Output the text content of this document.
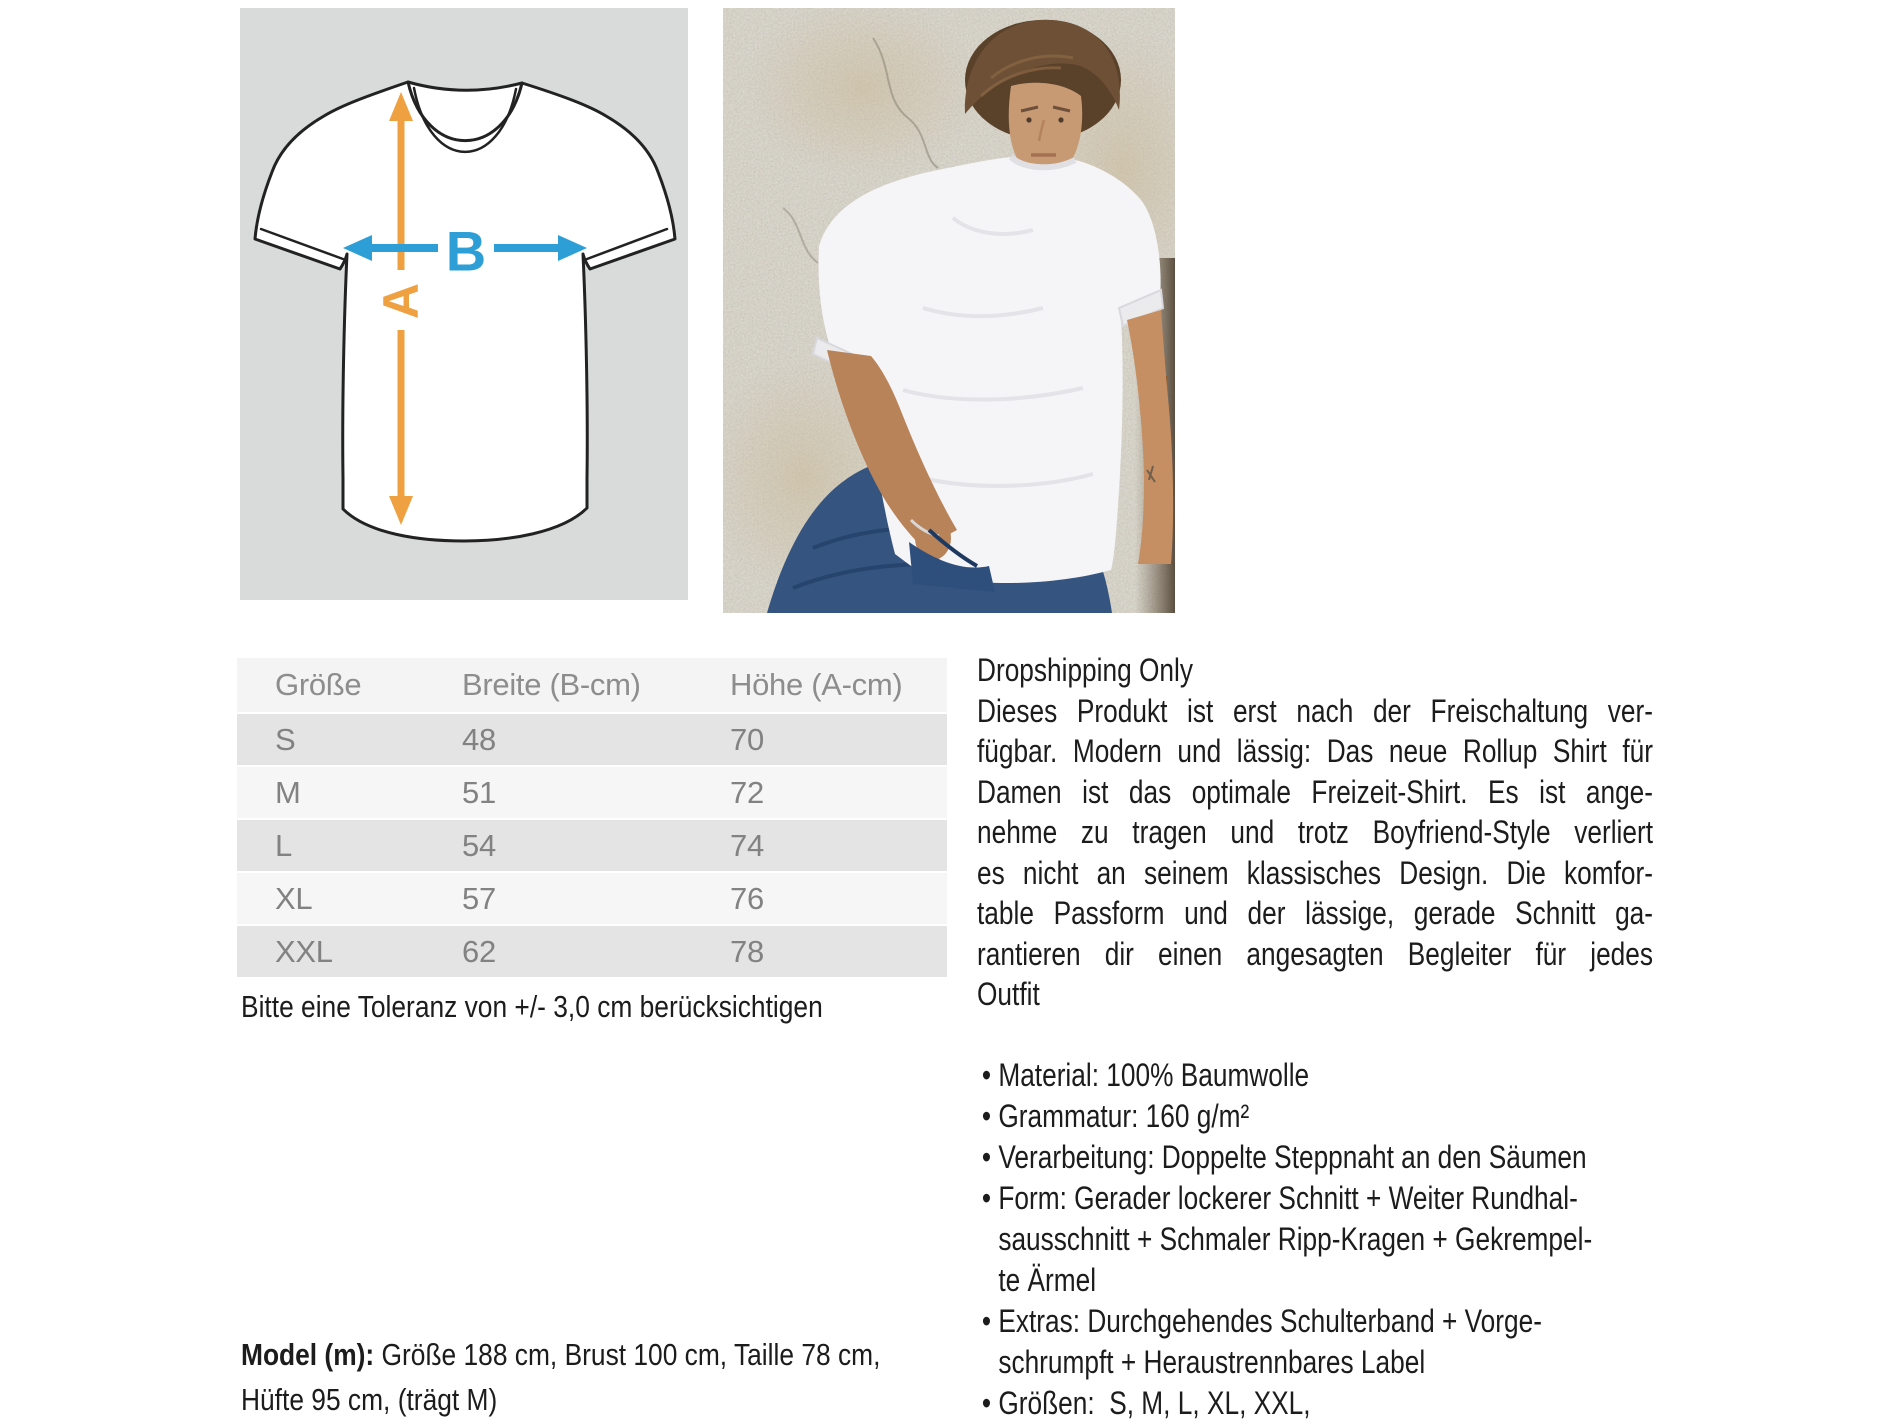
A
B
Größe	Breite (B-cm)	Höhe (A-cm)
S	48	70
M	51	72
L	54	74
XL	57	76
XXL	62	78
Bitte eine Toleranz von +/- 3,0 cm berücksichtigen
Dropshipping Only
Dieses Produkt ist erst nach der Freischaltung ver-
fügbar. Modern und lässig: Das neue Rollup Shirt für
Damen ist das optimale Freizeit-Shirt. Es ist ange-
nehme zu tragen und trotz Boyfriend-Style verliert
es nicht an seinem klassisches Design. Die komfor-
table Passform und der lässige, gerade Schnitt ga-
rantieren dir einen angesagten Begleiter für jedes
Outfit
• Material: 100% Baumwolle
• Grammatur: 160 g/m²
• Verarbeitung: Doppelte Steppnaht an den Säumen
• Form: Gerader lockerer Schnitt + Weiter Rundhal-
sausschnitt + Schmaler Ripp-Kragen + Gekrempel-
te Ärmel
• Extras: Durchgehendes Schulterband + Vorge-
schrumpft + Heraustrennbares Label
• Größen:  S, M, L, XL, XXL,
Model (m): Größe 188 cm, Brust 100 cm, Taille 78 cm,
Hüfte 95 cm, (trägt M)
